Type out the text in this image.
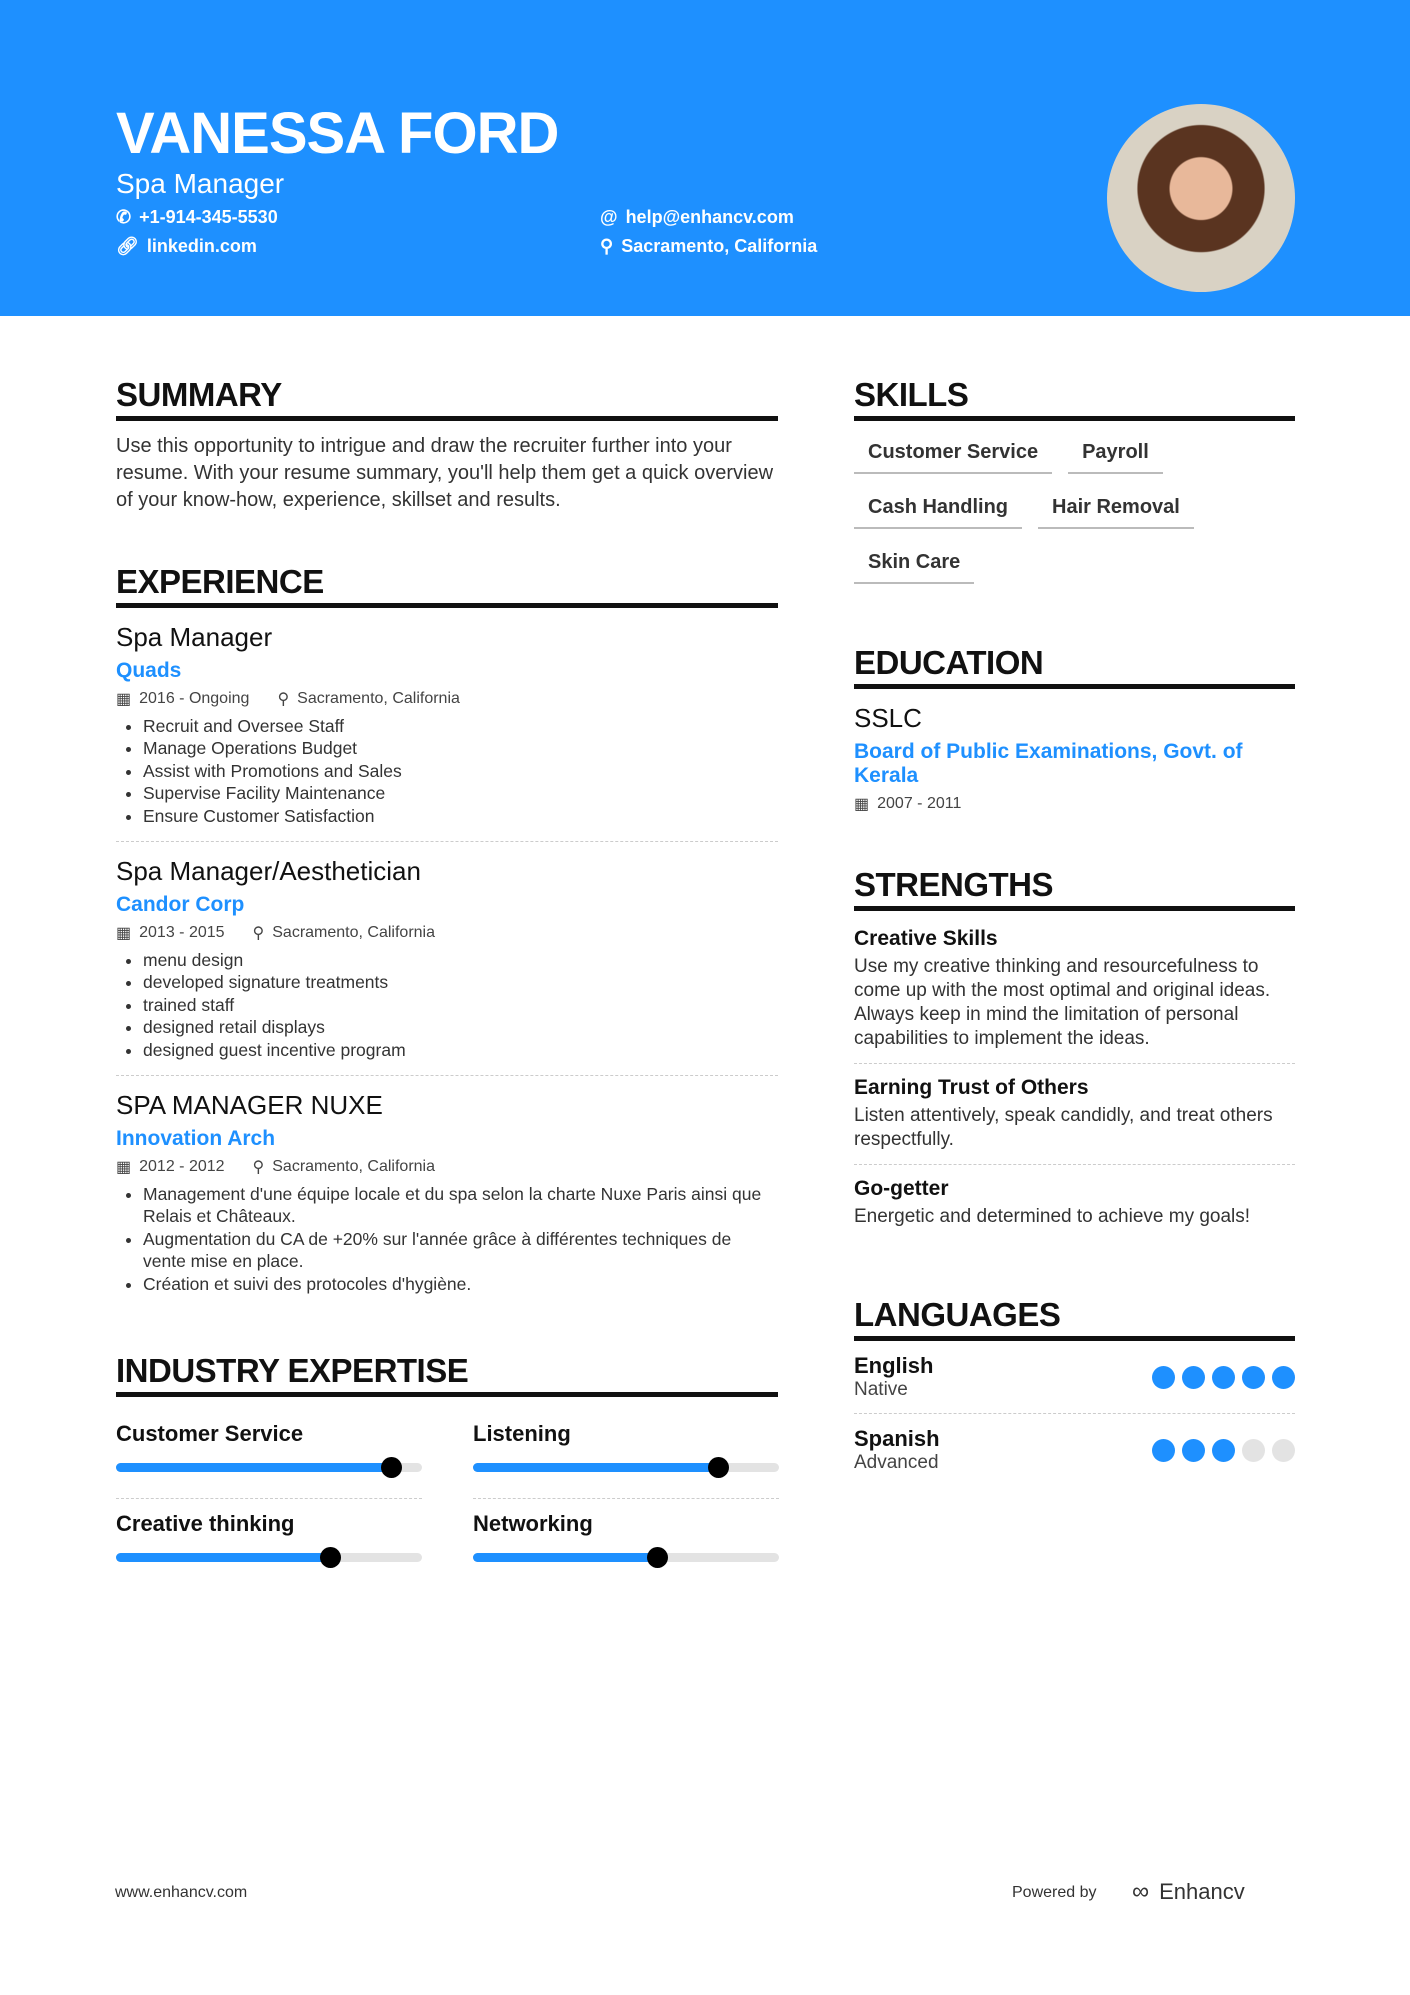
VANESSA FORD
Spa Manager
✆ +1-914-345-5530
🔗︎ linkedin.com
@ help@enhancv.com
⚲ Sacramento, California
SUMMARY
Use this opportunity to intrigue and draw the recruiter further into your resume. With your resume summary, you'll help them get a quick overview of your know-how, experience, skillset and results.
EXPERIENCE
Spa Manager
Quads
▦ 2016 - Ongoing ⚲ Sacramento, California
• Recruit and Oversee Staff
• Manage Operations Budget
• Assist with Promotions and Sales
• Supervise Facility Maintenance
• Ensure Customer Satisfaction
Spa Manager/Aesthetician
Candor Corp
▦ 2013 - 2015 ⚲ Sacramento, California
• menu design
• developed signature treatments
• trained staff
• designed retail displays
• designed guest incentive program
SPA MANAGER NUXE
Innovation Arch
▦ 2012 - 2012 ⚲ Sacramento, California
• Management d'une équipe locale et du spa selon la charte Nuxe Paris ainsi que Relais et Châteaux.
• Augmentation du CA de +20% sur l'année grâce à différentes techniques de vente mise en place.
• Création et suivi des protocoles d'hygiène.
INDUSTRY EXPERTISE
Customer Service	Listening
Creative thinking	Networking
SKILLS
Customer Service	Payroll
Cash Handling	Hair Removal
Skin Care
EDUCATION
SSLC
Board of Public Examinations, Govt. of Kerala
▦ 2007 - 2011
STRENGTHS
Creative Skills
Use my creative thinking and resourcefulness to come up with the most optimal and original ideas. Always keep in mind the limitation of personal capabilities to implement the ideas.
Earning Trust of Others
Listen attentively, speak candidly, and treat others respectfully.
Go-getter
Energetic and determined to achieve my goals!
LANGUAGES
English
Native
Spanish
Advanced
www.enhancv.com	Powered by ∞ Enhancv
